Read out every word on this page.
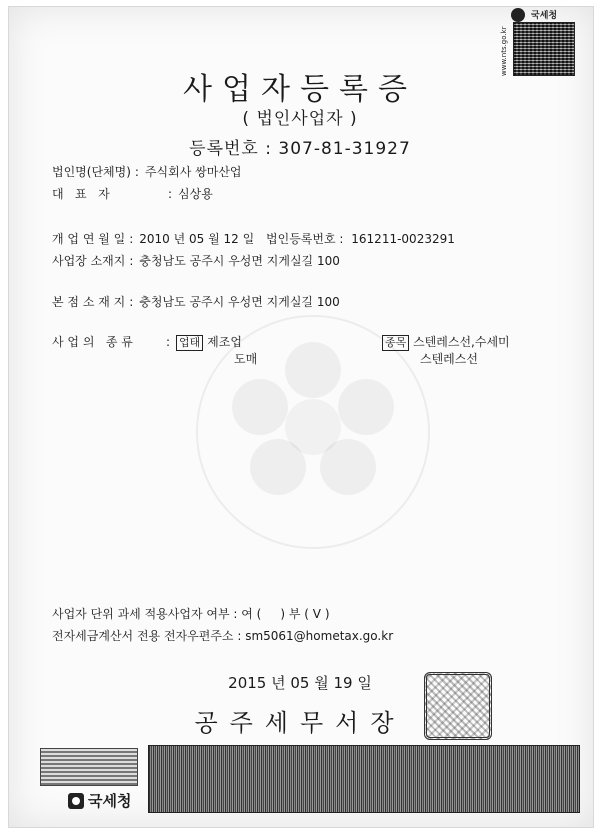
국세청
www.nts.go.kr
사업자등록증
( 법인사업자 )
등록번호 : 307-81-31927
법인명(단체명) : 주식회사 쌍마산업
대   표   자	: 심상용
개 업 연 월 일 : 2010 년 05 월 12 일 법인등록번호 : 161211-0023291
사업장 소재지 : 충청남도 공주시 우성면 지게실길 100
본 점 소 재 지 : 충청남도 공주시 우성면 지게실길 100
사 업 의   종 류	: 업태 제조업
도매
종목 스텐레스선,수세미
스텐레스선
사업자 단위 과세 적용사업자 여부 : 여 (     ) 부 ( V )
전자세금계산서 전용 전자우편주소 : sm5061@hometax.go.kr
2015 년 05 월 19 일
공주세무서장
국세청
